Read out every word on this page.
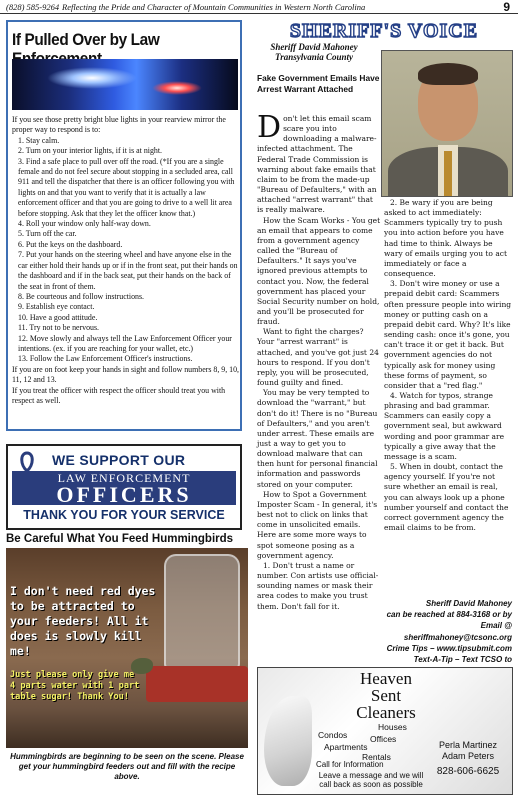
(828) 585-9264 Reflecting the Pride and Character of Mountain Communities in Western North Carolina	9
If Pulled Over by Law

If you see those pretty bright blue lights in your rearview mirror the proper way to respond is to:

1. Stay calm.

2. Turn on your interior lights, if it is at night.

3. Find a safe place to pull over off the road. (*If you are a single female and do not feel secure about stopping in a secluded area, call 911 and tell the dispatcher that there is an officer following you with lights on and that you want to verify that it is actually a law enforcement officer and that you are going to drive to a well lit area before stopping. Ask that they let the officer know that.)

4. Roll your window only half-way down.

5. Turn off the car.

6. Put the keys on the dashboard.

7. Put your hands on the steering wheel and have anyone else in the car either hold their hands up or if in the front seat, put their hands on the dashboard and if in the back seat, put their hands on the back of the seat in front of them.

8. Be courteous and follow instructions.

9. Establish eye contact.

10. Have a good attitude.

11. Try not to be nervous.

12. Move slowly and always tell the Law Enforcement Officer your intentions. (ex. if you are reaching for your wallet, etc.)

13. Follow the Law Enforcement Officer's instructions.

If you are on foot keep your hands in sight and follow numbers 8, 9, 10, 11, 12 and 13.

If you treat the officer with respect the officer should treat you with respect as well.

WE SUPPORT OUR
LAW ENFORCEMENT
OFFICERS
THANK YOU FOR YOUR SERVICE
Be Careful What You Feed Hummingbirds
I don't need red dyes to be attracted to your feeders! All it does is slowly kill me!
Just please only give me 4 parts water with 1 part table sugar! Thank You!
Hummingbirds are beginning to be seen on the scene. Please get your hummingbird feeders out and fill with the recipe above.
SHERIFF'S VOICE
Sheriff David Mahoney
Transylvania County
Fake Government Emails Have Arrest Warrant Attached

Don't let this email scam scare you into downloading a malware-infected attachment. The Federal Trade Commission is warning about fake emails that claim to be from the made-up "Bureau of Defaulters," with an attached "arrest warrant" that is really malware.

How the Scam Works - You get an email that appears to come from a government agency called the "Bureau of Defaulters." It says you've ignored previous attempts to contact you. Now, the federal government has placed your Social Security number on hold, and you'll be prosecuted for fraud.

Want to fight the charges? Your "arrest warrant" is attached, and you've got just 24 hours to respond. If you don't reply, you will be prosecuted, found guilty and fined.

You may be very tempted to download the "warrant," but don't do it! There is no "Bureau of Defaulters," and you aren't under arrest. These emails are just a way to get you to download malware that can then hunt for personal financial information and passwords stored on your computer.

How to Spot a Government Imposter Scam - In general, it's best not to click on links that come in unsolicited emails. Here are some more ways to spot someone posing as a government agency.

1. Don't trust a name or number. Con artists use official-sounding names or mask their area codes to make you trust them. Don't fall for it.

2. Be wary if you are being asked to act immediately: Scammers typically try to push you into action before you have had time to think. Always be wary of emails urging you to act immediately or face a consequence.

3. Don't wire money or use a prepaid debit card: Scammers often pressure people into wiring money or putting cash on a prepaid debit card. Why? It's like sending cash: once it's gone, you can't trace it or get it back. But government agencies do not typically ask for money using these forms of payment, so consider that a "red flag."

4. Watch for typos, strange phrasing and bad grammar. Scammers can easily copy a government seal, but awkward wording and poor grammar are typically a give away that the message is a scam.

5. When in doubt, contact the agency yourself. If you're not sure whether an email is real, you can always look up a phone number yourself and contact the correct government agency the email claims to be from.

Sheriff David Mahoney
can be reached at 884-3168 or by
Email @ sheriffmahoney@tcsonc.org
Crime Tips – www.tipsubmit.com
Text-A-Tip – Text TCSO to
Heaven
Sent
Cleaners
Houses
Condos	Offices
Apartments
Rentals
Call for Information
Leave a message and we will call back as soon as possible
Perla Martinez
Adam Peters
828-606-6625
